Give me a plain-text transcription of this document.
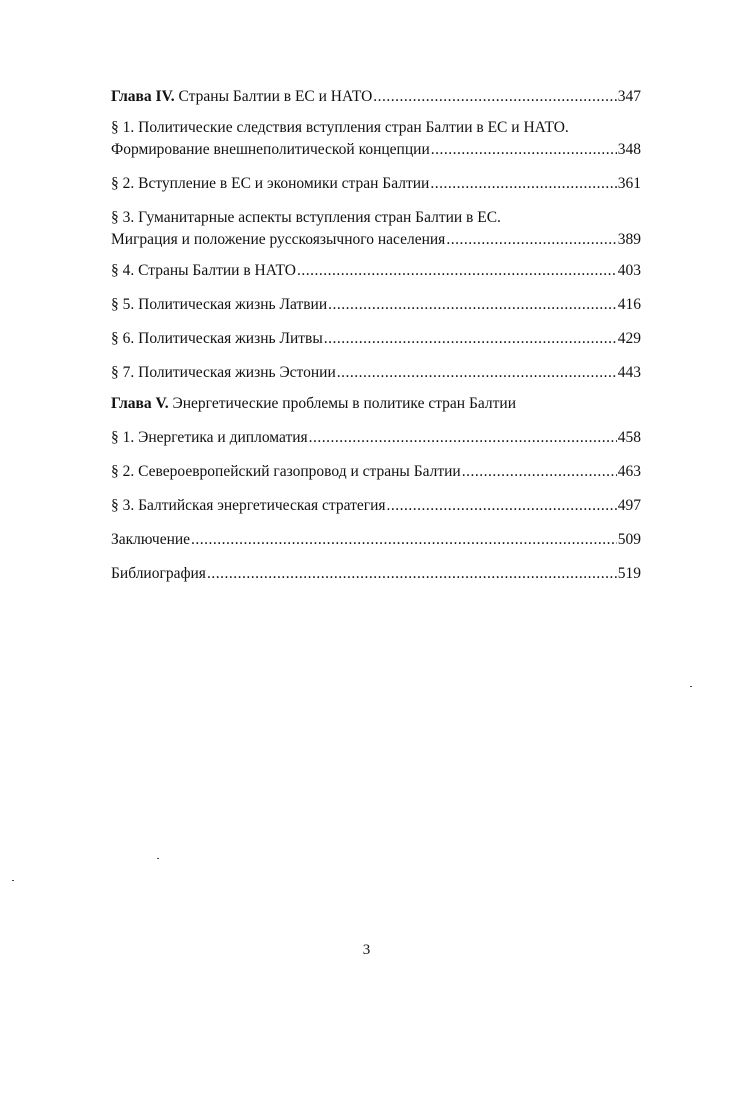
Глава IV. Страны Балтии в ЕС и НАТО .....	347
§ 1. Политические следствия вступления стран Балтии в ЕС и НАТО.
Формирование внешнеполитической концепции .....	348
§ 2. Вступление в ЕС и экономики стран Балтии .....	361
§ 3. Гуманитарные аспекты вступления стран Балтии в ЕС.
Миграция и положение русскоязычного населения .....	389
§ 4. Страны Балтии в НАТО .....	403
§ 5. Политическая жизнь Латвии .....	416
§ 6. Политическая жизнь Литвы .....	429
§ 7. Политическая жизнь Эстонии .....	443
Глава V. Энергетические проблемы в политике стран Балтии
§ 1. Энергетика и дипломатия .....	458
§ 2. Североевропейский газопровод и страны Балтии .....	463
§ 3. Балтийская энергетическая стратегия .....	497
Заключение .....	509
Библиография .....	519
3
